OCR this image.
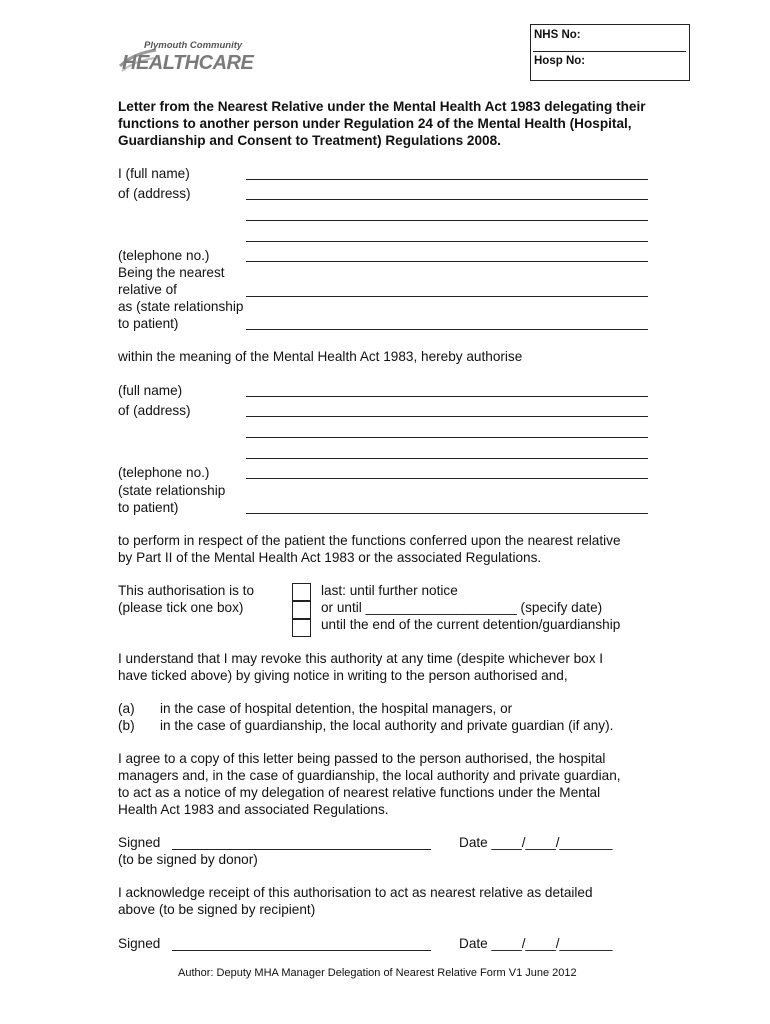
Plymouth Community
HEALTHCARE
NHS No:
Hosp No:
Letter from the Nearest Relative under the Mental Health Act 1983 delegating their functions to another person under Regulation 24 of the Mental Health (Hospital, Guardianship and Consent to Treatment) Regulations 2008.
I (full name)
of (address)
(telephone no.)
Being the nearest
relative of
as (state relationship
to patient)
within the meaning of the Mental Health Act 1983, hereby authorise
(full name)
of (address)
(telephone no.)
(state relationship
to patient)
to perform in respect of the patient the functions conferred upon the nearest relative
by Part II of the Mental Health Act 1983 or the associated Regulations.
This authorisation is to
(please tick one box)
last: until further notice
or until ____________________ (specify date)
until the end of the current detention/guardianship
I understand that I may revoke this authority at any time (despite whichever box I
have ticked above) by giving notice in writing to the person authorised and,
(a) in the case of hospital detention, the hospital managers, or
(b) in the case of guardianship, the local authority and private guardian (if any).
I agree to a copy of this letter being passed to the person authorised, the hospital
managers and, in the case of guardianship, the local authority and private guardian,
to act as a notice of my delegation of nearest relative functions under the Mental
Health Act 1983 and associated Regulations.
Signed	Date ____/____/_______
(to be signed by donor)
I acknowledge receipt of this authorisation to act as nearest relative as detailed
above (to be signed by recipient)
Signed	Date ____/____/_______
Author: Deputy MHA Manager Delegation of Nearest Relative Form V1 June 2012
